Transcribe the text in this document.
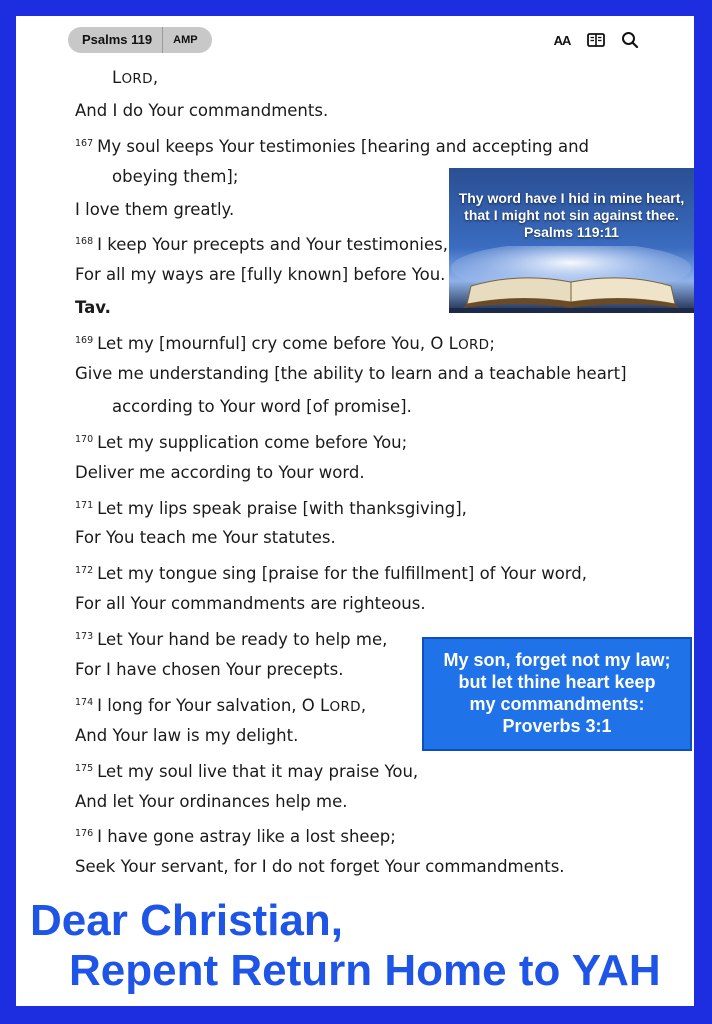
Psalms 119	AMP	AA
LORD,
And I do Your commandments.
$^{167}$ My soul keeps Your testimonies [hearing and accepting and
obeying them];
I love them greatly.
$^{168}$ I keep Your precepts and Your testimonies,
For all my ways are [fully known] before You.
Tav.
$^{169}$ Let my [mournful] cry come before You, O LORD;
Give me understanding [the ability to learn and a teachable heart]
according to Your word [of promise].
$^{170}$ Let my supplication come before You;
Deliver me according to Your word.
$^{171}$ Let my lips speak praise [with thanksgiving],
For You teach me Your statutes.
$^{172}$ Let my tongue sing [praise for the fulfillment] of Your word,
For all Your commandments are righteous.
$^{173}$ Let Your hand be ready to help me,
For I have chosen Your precepts.
$^{174}$ I long for Your salvation, O LORD,
And Your law is my delight.
$^{175}$ Let my soul live that it may praise You,
And let Your ordinances help me.
$^{176}$ I have gone astray like a lost sheep;
Seek Your servant, for I do not forget Your commandments.
Thy word have I hid in mine heart,
that I might not sin against thee.
Psalms 119:11
My son, forget not my law;
but let thine heart keep
my commandments:
Proverbs 3:1
Dear Christian,
Repent Return Home to YAH
